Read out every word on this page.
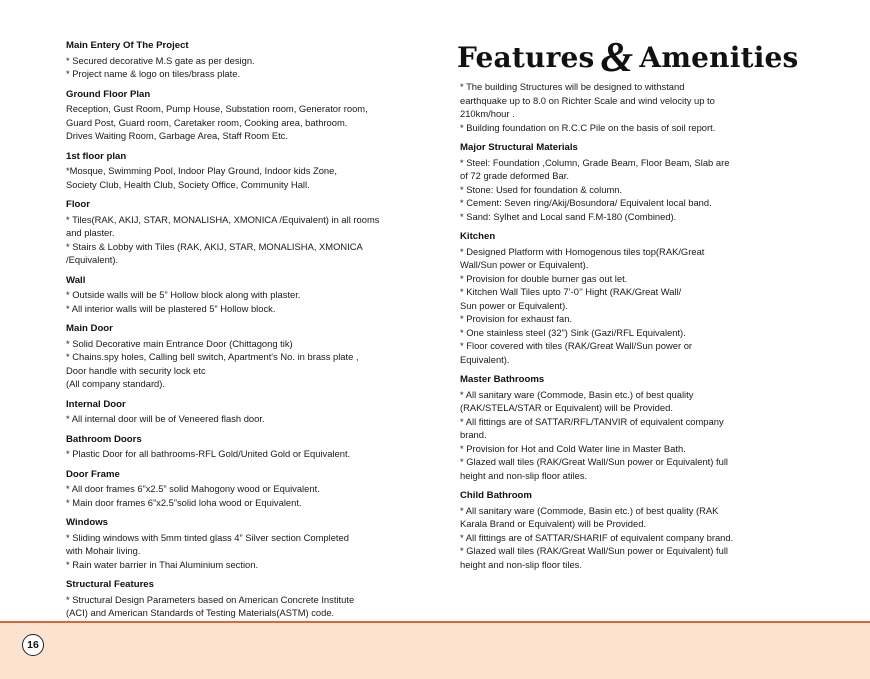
Features & Amenities
Main Entery Of The Project

* Secured decorative M.S gate as per design.

* Project name & logo on tiles/brass plate.

Ground Floor Plan

Reception, Gust Room, Pump House, Substation room, Generator room,

Guard Post, Guard room, Caretaker room, Cooking area, bathroom.

Drives Waiting Room, Garbage Area, Staff Room Etc.

1st floor plan

*Mosque, Swimming Pool, Indoor Play Ground, Indoor kids Zone,

Society Club, Health Club, Society Office, Community Hall.

Floor

* Tiles(RAK, AKIJ, STAR, MONALISHA, XMONICA /Equivalent) in all rooms

and plaster.

* Stairs & Lobby with Tiles (RAK, AKIJ, STAR, MONALISHA, XMONICA

/Equivalent).

Wall

* Outside walls will be 5” Hollow block along with plaster.

* All interior walls will be plastered 5” Hollow block.

Main Door

* Solid Decorative main Entrance Door (Chittagong tik)

* Chains.spy holes, Calling bell switch, Apartment's No. in brass plate ,

Door handle with security lock etc

(All company standard).

Internal Door

* All internal door will be of Veneered flash door.

Bathroom Doors

* Plastic Door for all bathrooms-RFL Gold/United Gold or Equivalent.

Door Frame

* All door frames 6”x2.5” solid Mahogony wood or Equivalent.

* Main door frames 6”x2.5”solid loha wood or Equivalent.

Windows

* Sliding windows with 5mm tinted glass 4” Silver section Completed

with Mohair living.

* Rain water barrier in Thai Aluminium section.

Structural Features

* Structural Design Parameters based on American Concrete Institute

(ACI) and American Standards of Testing Materials(ASTM) code.

* The building Structures will be designed to withstand

earthquake up to 8.0 on Richter Scale and wind velocity up to

210km/hour .

* Building foundation on R.C.C Pile on the basis of soil report.

Major Structural Materials

* Steel: Foundation ,Column, Grade Beam, Floor Beam, Slab are

of 72 grade deformed Bar.

* Stone: Used for foundation & column.

* Cement: Seven ring/Akij/Bosundora/ Equivalent local band.

* Sand: Sylhet and Local sand F.M-180 (Combined).

Kitchen

* Designed Platform with Homogenous tiles top(RAK/Great

Wall/Sun power or Equivalent).

* Provision for double burner gas out let.

* Kitchen Wall Tiles upto 7’-0’’ Hight (RAK/Great Wall/

Sun power or Equivalent).

* Provision for exhaust fan.

* One stainless steel (32”) Sink (Gazi/RFL Equivalent).

* Floor covered with tiles (RAK/Great Wall/Sun power or

Equivalent).

Master Bathrooms

* All sanitary ware (Commode, Basin etc.) of best quality

(RAK/STELA/STAR or Equivalent) will be Provided.

* All fittings are of SATTAR/RFL/TANVIR of equivalent company

brand.

* Provision for Hot and Cold Water line in Master Bath.

* Glazed wall tiles (RAK/Great Wall/Sun power or Equivalent) full

height and non-slip floor atiles.

Child Bathroom

* All sanitary ware (Commode, Basin etc.) of best quality (RAK

Karala Brand or Equivalent) will be Provided.

* All fittings are of SATTAR/SHARIF of equivalent company brand.

* Glazed wall tiles (RAK/Great Wall/Sun power or Equivalent) full

height and non-slip floor tiles.

16
